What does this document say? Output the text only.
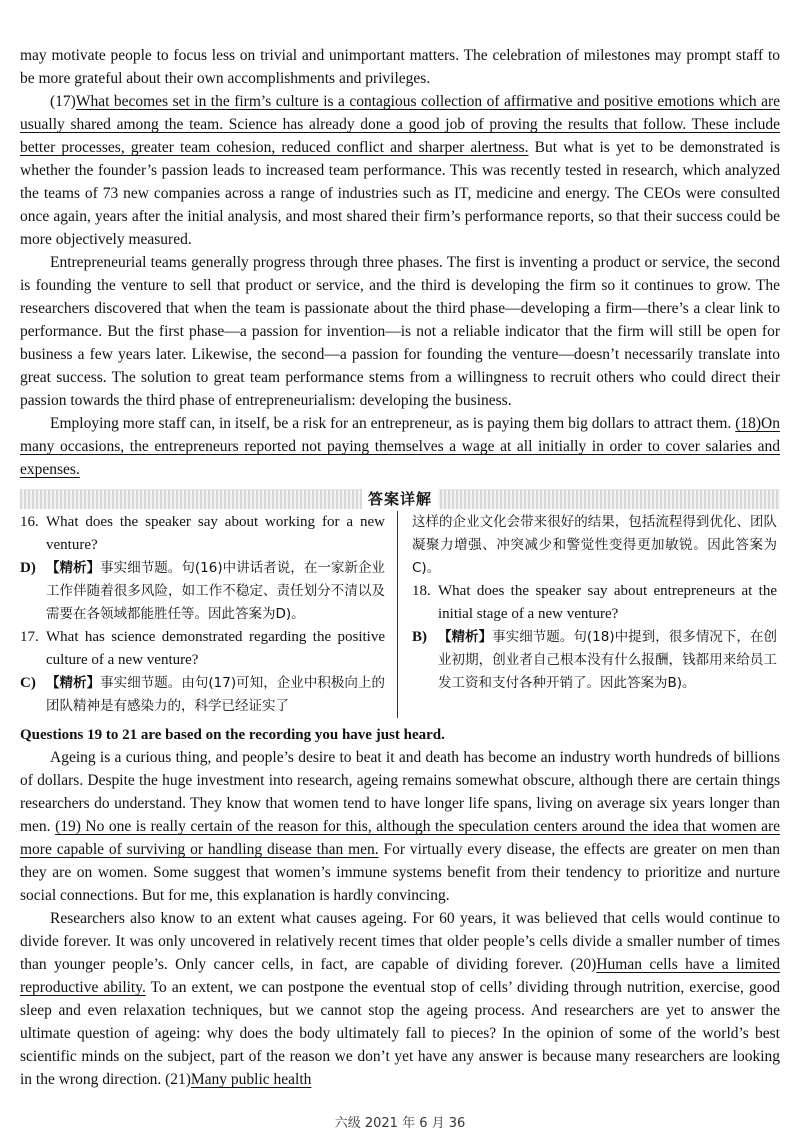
may motivate people to focus less on trivial and unimportant matters. The celebration of milestones may prompt staff to be more grateful about their own accomplishments and privileges.

(17)What becomes set in the firm’s culture is a contagious collection of affirmative and positive emotions which are usually shared among the team. Science has already done a good job of proving the results that follow. These include better processes, greater team cohesion, reduced conflict and sharper alertness. But what is yet to be demonstrated is whether the founder’s passion leads to increased team performance. This was recently tested in research, which analyzed the teams of 73 new companies across a range of industries such as IT, medicine and energy. The CEOs were consulted once again, years after the initial analysis, and most shared their firm’s performance reports, so that their success could be more objectively measured.

Entrepreneurial teams generally progress through three phases. The first is inventing a product or service, the second is founding the venture to sell that product or service, and the third is developing the firm so it continues to grow. The researchers discovered that when the team is passionate about the third phase—developing a firm—there’s a clear link to performance. But the first phase—a passion for invention—is not a reliable indicator that the firm will still be open for business a few years later. Likewise, the second—a passion for founding the venture—doesn’t necessarily translate into great success. The solution to great team performance stems from a willingness to recruit others who could direct their passion towards the third phase of entrepreneurialism: developing the business.

Employing more staff can, in itself, be a risk for an entrepreneur, as is paying them big dollars to attract them. (18)On many occasions, the entrepreneurs reported not paying themselves a wage at all initially in order to cover salaries and expenses.

答案详解
16. What does the speaker say about working for a new venture?
D) 【精析】事实细节题。句(16)中讲话者说，在一家新企业工作伴随着很多风险，如工作不稳定、责任划分不清以及需要在各领域都能胜任等。因此答案为D)。
17. What has science demonstrated regarding the positive culture of a new venture?
C) 【精析】事实细节题。由句(17)可知，企业中积极向上的团队精神是有感染力的，科学已经证实了
这样的企业文化会带来很好的结果，包括流程得到优化、团队凝聚力增强、冲突减少和警觉性变得更加敏锐。因此答案为C)。
18. What does the speaker say about entrepreneurs at the initial stage of a new venture?
B) 【精析】事实细节题。句(18)中提到，很多情况下，在创业初期，创业者自己根本没有什么报酬，钱都用来给员工发工资和支付各种开销了。因此答案为B)。
Questions 19 to 21 are based on the recording you have just heard.

Ageing is a curious thing, and people’s desire to beat it and death has become an industry worth hundreds of billions of dollars. Despite the huge investment into research, ageing remains somewhat obscure, although there are certain things researchers do understand. They know that women tend to have longer life spans, living on average six years longer than men. (19) No one is really certain of the reason for this, although the speculation centers around the idea that women are more capable of surviving or handling disease than men. For virtually every disease, the effects are greater on men than they are on women. Some suggest that women’s immune systems benefit from their tendency to prioritize and nurture social connections. But for me, this explanation is hardly convincing.

Researchers also know to an extent what causes ageing. For 60 years, it was believed that cells would continue to divide forever. It was only uncovered in relatively recent times that older people’s cells divide a smaller number of times than younger people’s. Only cancer cells, in fact, are capable of dividing forever. (20)Human cells have a limited reproductive ability. To an extent, we can postpone the eventual stop of cells’ dividing through nutrition, exercise, good sleep and even relaxation techniques, but we cannot stop the ageing process. And researchers are yet to answer the ultimate question of ageing: why does the body ultimately fall to pieces? In the opinion of some of the world’s best scientific minds on the subject, part of the reason we don’t yet have any answer is because many researchers are looking in the wrong direction. (21)Many public health

六级 2021 年 6 月 36
